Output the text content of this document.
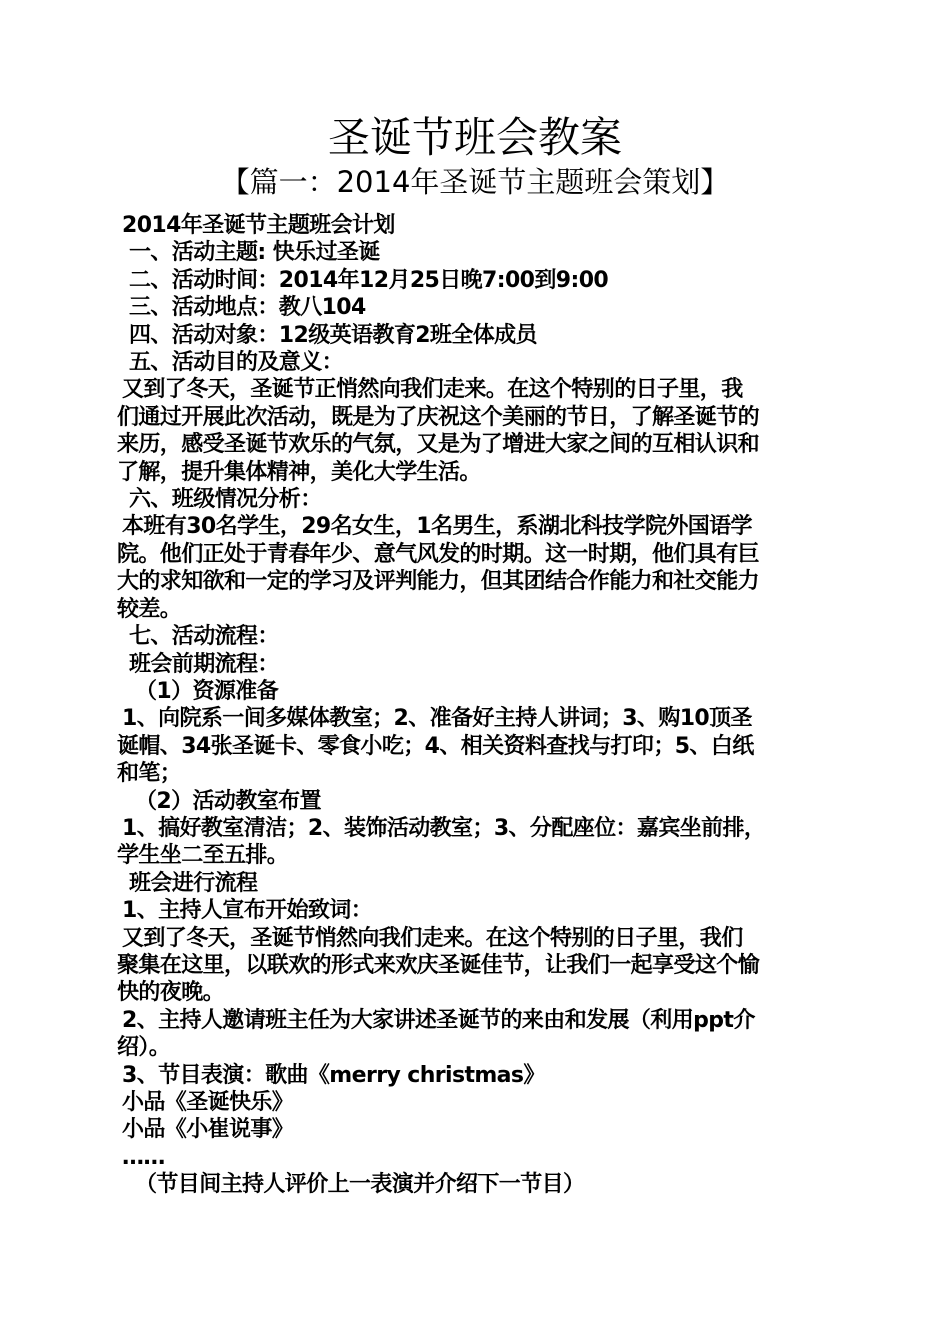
圣诞节班会教案
【篇一：2014年圣诞节主题班会策划】
2014年圣诞节主题班会计划
一、活动主题: 快乐过圣诞
二、活动时间：2014年12月25日晚7:00到9:00
三、活动地点：教八104
四、活动对象：12级英语教育2班全体成员
五、活动目的及意义：
又到了冬天，圣诞节正悄然向我们走来。在这个特别的日子里，我
们通过开展此次活动，既是为了庆祝这个美丽的节日，了解圣诞节的
来历，感受圣诞节欢乐的气氛，又是为了增进大家之间的互相认识和
了解，提升集体精神，美化大学生活。
六、班级情况分析：
本班有30名学生，29名女生，1名男生，系湖北科技学院外国语学
院。他们正处于青春年少、意气风发的时期。这一时期，他们具有巨
大的求知欲和一定的学习及评判能力，但其团结合作能力和社交能力
较差。
七、活动流程：
班会前期流程：
（1）资源准备
1、向院系一间多媒体教室；2、准备好主持人讲词；3、购10顶圣
诞帽、34张圣诞卡、零食小吃；4、相关资料查找与打印；5、白纸
和笔；
（2）活动教室布置
1、搞好教室清洁；2、装饰活动教室；3、分配座位：嘉宾坐前排，
学生坐二至五排。
班会进行流程
1、主持人宣布开始致词：
又到了冬天，圣诞节悄然向我们走来。在这个特别的日子里，我们
聚集在这里，以联欢的形式来欢庆圣诞佳节，让我们一起享受这个愉
快的夜晚。
2、主持人邀请班主任为大家讲述圣诞节的来由和发展（利用ppt介
绍）。
3、节目表演：歌曲《merry christmas》
小品《圣诞快乐》
小品《小崔说事》
……
（节目间主持人评价上一表演并介绍下一节目）
